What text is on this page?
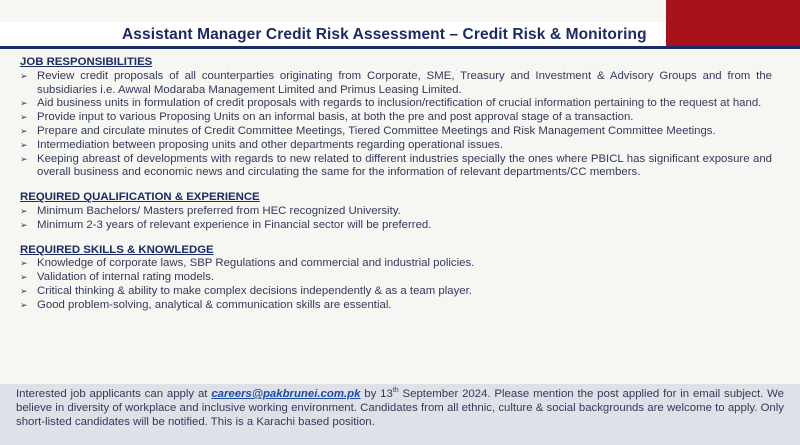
Assistant Manager Credit Risk Assessment – Credit Risk & Monitoring

JOB RESPONSIBILITIES

➢ Review credit proposals of all counterparties originating from Corporate, SME, Treasury and Investment & Advisory Groups and from the subsidiaries i.e. Awwal Modaraba Management Limited and Primus Leasing Limited.
➢ Aid business units in formulation of credit proposals with regards to inclusion/rectification of crucial information pertaining to the request at hand.
➢ Provide input to various Proposing Units on an informal basis, at both the pre and post approval stage of a transaction.
➢ Prepare and circulate minutes of Credit Committee Meetings, Tiered Committee Meetings and Risk Management Committee Meetings.
➢ Intermediation between proposing units and other departments regarding operational issues.
➢ Keeping abreast of developments with regards to new related to different industries specially the ones where PBICL has significant exposure and overall business and economic news and circulating the same for the information of relevant departments/CC members.

REQUIRED QUALIFICATION & EXPERIENCE

➢ Minimum Bachelors/ Masters preferred from HEC recognized University.
➢ Minimum 2-3 years of relevant experience in Financial sector will be preferred.

REQUIRED SKILLS & KNOWLEDGE

➢ Knowledge of corporate laws, SBP Regulations and commercial and industrial policies.
➢ Validation of internal rating models.
➢ Critical thinking & ability to make complex decisions independently & as a team player.
➢ Good problem-solving, analytical & communication skills are essential.
Interested job applicants can apply at careers@pakbrunei.com.pk by 13th September 2024. Please mention the post applied for in email subject. We believe in diversity of workplace and inclusive working environment. Candidates from all ethnic, culture & social backgrounds are welcome to apply. Only short-listed candidates will be notified. This is a Karachi based position.
